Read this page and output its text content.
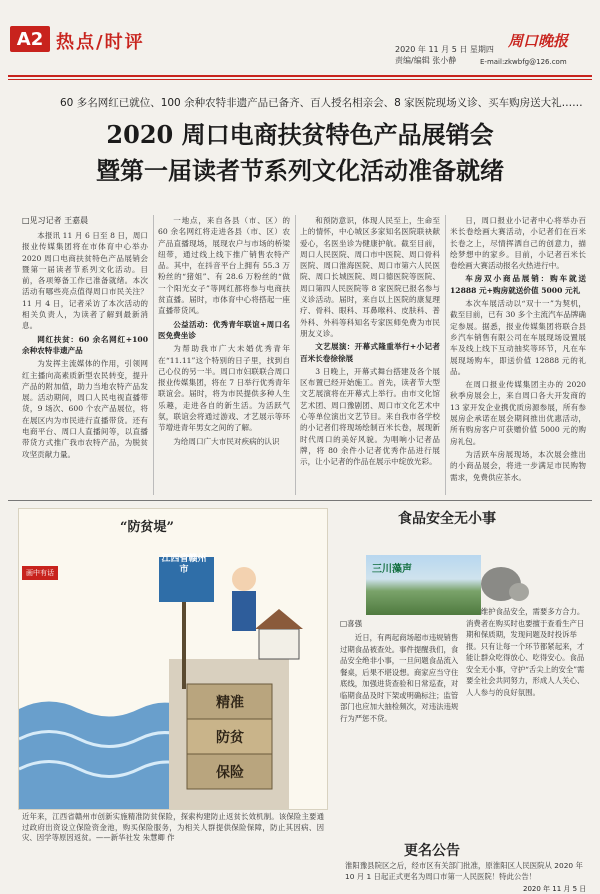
A2 热点/时评	2020 年 11 月 5 日 星期四
责编/编辑 张小静
周口晚报
E-mail:zkwbfg@126.com
60 多名网红已就位、100 余种农特非遗产品已备齐、百人授名相亲会、8 家医院现场义诊、买车购房送大礼……
2020 周口电商扶贫特色产品展销会
暨第一届读者节系列文化活动准备就绪
□见习记者 王嘉晨

本报讯 11 月 6 日至 8 日，周口报业传媒集团将在市体育中心举办 2020 周口电商扶贫特色产品展销会暨第一届读者节系列文化活动。目前，各项筹备工作已准备就绪。本次活动有哪些亮点值得周口市民关注？11 月 4 日，记者采访了本次活动的相关负责人，为读者了解到最新消息。

网红扶贫：60 余名网红+100 余种农特非遗产品

为发挥主流媒体的作用，引领网红主播向高素质新型农民转变，提升产品的附加值，助力当地农特产品发展。活动期间，周口人民电视直播带货，9 场次、600 个农产品展位，将在展区内为市民进行直播带货。还有电商平台、周口人直播间等，以直播带货方式推广我市农特产品，为脱贫攻坚贡献力量。

一地点，来自各县（市、区）的 60 余名网红将走进各县（市、区）农产品直播现场，展现农户与市场的桥梁纽带，通过线上线下推广销售农特产品。其中，在抖音平台上拥有 55.3 万粉丝的“猪姐”、有 28.6 万粉丝的“做一个阳光女子”等网红都将参与电商扶贫直播。届时，市体育中心将搭起一座直播带货风。

公益活动：优秀青年联谊+周口名医免费坐诊

为帮助我市广大未婚优秀青年在“11.11”这个特别的日子里，找到自己心仪的另一半。周口市妇联联合周口报业传媒集团，将在 7 日举行优秀青年联谊会。届时，将为市民提供多种人生乐趣，走进各自的新生活。为活跃气氛，联谊会将通过游戏、才艺展示等环节增进青年男女之间的了解。

为给周口广大市民对疾病的认识

和预防意识，体现人民至上，生命至上的情怀，中心城区多家知名医院联袂献爱心，名医坐诊为健康护航。截至目前，周口人民医院、周口市中医院、周口骨科医院、周口淮海医院、周口市第六人民医院、周口长城医院、周口德医院等医院、周口第四人民医院等 8 家医院已报名参与义诊活动。届时，来自以上医院的康复理疗、骨科、眼科、耳鼻喉科、皮肤科、普外科、外科等科知名专家医师免费为市民朋友义诊。

文艺展演：开幕式隆重举行+小记者百米长卷徐徐展

3 日晚上，开幕式舞台搭建及各个展区布置已经开始施工。首先，读者节大型文艺展演将在开幕式上举行。由市文化馆艺术团、周口豫剧团、周口市文化艺术中心等单位演出文艺节目。来自我市各学校的小记者们将现场绘制百米长卷，展现新时代周口的美好风貌。为唱响小记者品牌，将 80 余件小记者优秀作品进行展示，让小记者的作品在展示中绽放光彩。

日，周口报业小记者中心将举办百米长卷绘画大赛活动，小记者们在百米长卷之上，尽情挥洒自己的创意力，描绘梦想中的家乡。目前，小记者百米长卷绘画大赛活动报名火热进行中。

车房双小商品展销：购车就送 12888 元+购房就送价值 5000 元礼

本次车展活动以“双十一”为契机，截至目前，已有 30 多个主流汽车品牌确定参展。据悉，报业传媒集团将联合县乡汽车销售有限公司在车展现场设置展车及线上线下互动抽奖等环节，凡在车展现场购车，即送价值 12888 元的礼品。

在周口报业传媒集团主办的 2020 秋季房展会上，来自周口各大开发商的 13 家开发企业携优质房源参展，所有参展房企承诺在展会期间推出优惠活动，所有购房客户可获赠价值 5000 元的购房礼包。

为活跃车房展现场，本次展会推出的小商品展会，将进一步满足市民购物需求，免费供应茶水。

江西省赣州市
精准
防贫
保险
画中有话
“防贫堤”
近年来，江西省赣州市创新实施精准防贫保险，探索构建防止返贫长效机制。该保险主要通过政府出资设立保险资金池，购买保险服务，为相关人群提供保险保障，防止其因病、因灾、因学等原因返贫。——新华社发 朱慧卿 作
食品安全无小事
三川藻声
□喜强
近日，有两起商场超市违规销售过期食品被查处。事件提醒我们，食品安全绝非小事，一旦问题食品流入餐桌，后果不堪设想。商家应当守住底线，加强进货查验和日常巡查，对临期食品及时下架或明确标注；监管部门也应加大抽检频次，对违法违规行为严惩不贷。
维护食品安全，需要多方合力。消费者在购买时也要擅于查看生产日期和保质期，发现问题及时投诉举报。只有让每一个环节都紧起来，才能让群众吃得放心、吃得安心。食品安全无小事，守护“舌尖上的安全”需要全社会共同努力，形成人人关心、人人参与的良好氛围。
更名公告
淮阳豫县院区之后，经市区有关部门批准，原淮阳区人民医院从 2020 年 10 月 1 日起正式更名为周口市第一人民医院！特此公告！
2020 年 11 月 5 日
